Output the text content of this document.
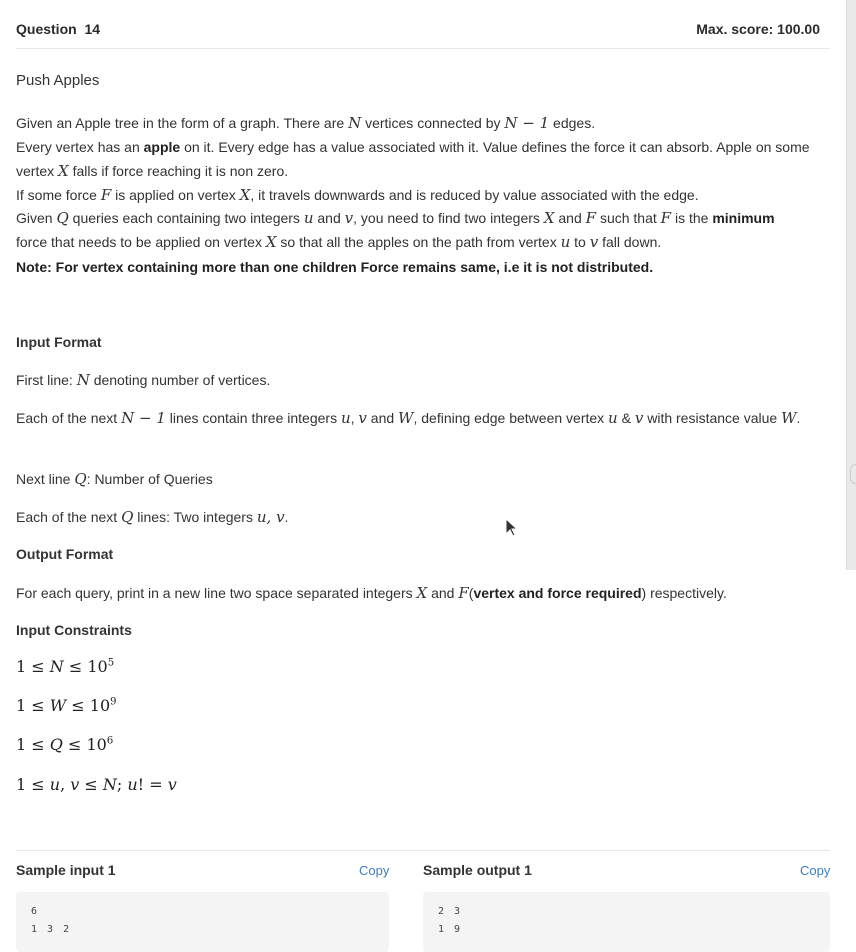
Question  14	Max. score: 100.00
Push Apples
Given an Apple tree in the form of a graph. There are N vertices connected by N − 1 edges.
Every vertex has an apple on it. Every edge has a value associated with it. Value defines the force it can absorb. Apple on some vertex X falls if force reaching it is non zero.
If some force F is applied on vertex X, it travels downwards and is reduced by value associated with the edge.
Given Q queries each containing two integers u and v, you need to find two integers X and F such that F is the minimum force that needs to be applied on vertex X so that all the apples on the path from vertex u to v fall down.
Note: For vertex containing more than one children Force remains same, i.e it is not distributed.
Input Format
First line: N denoting number of vertices.
Each of the next N − 1 lines contain three integers u, v and W, defining edge between vertex u & v with resistance value W.
Next line Q: Number of Queries
Each of the next Q lines: Two integers u, v.
Output Format
For each query, print in a new line two space separated integers X and F(vertex and force required) respectively.
Input Constraints
$1 \le N \le 10^5$
$1 \le W \le 10^9$
$1 \le Q \le 10^6$
1 ≤ u, v ≤ N; u! = v
Sample input 1	Copy
6
1 3 2
Sample output 1	Copy
2 3
1 9
